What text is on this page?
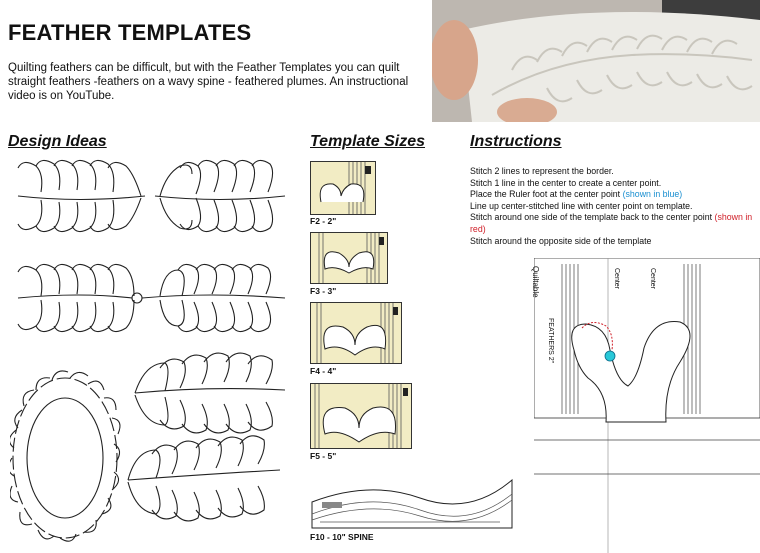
FEATHER TEMPLATES
Quilting feathers can be difficult, but with the Feather Templates you can quilt straight feathers -feathers on a wavy spine - feathered plumes. An instructional video is on YouTube.
Design Ideas	Template Sizes	Instructions
F2 - 2"
F3 - 3"
F4 - 4"
F5 - 5"
F10 - 10" SPINE
Stitch 2 lines to represent the border.
Stitch 1 line in the center to create a center point.
Place the Ruler foot at the center point (shown in blue)
Line up center-stitched line with center point on template.
Stitch around one side of the template back to the center point (shown in red)
Stitch around the opposite side of the template
Quiltable
FEATHERS 2"
Center	Center
